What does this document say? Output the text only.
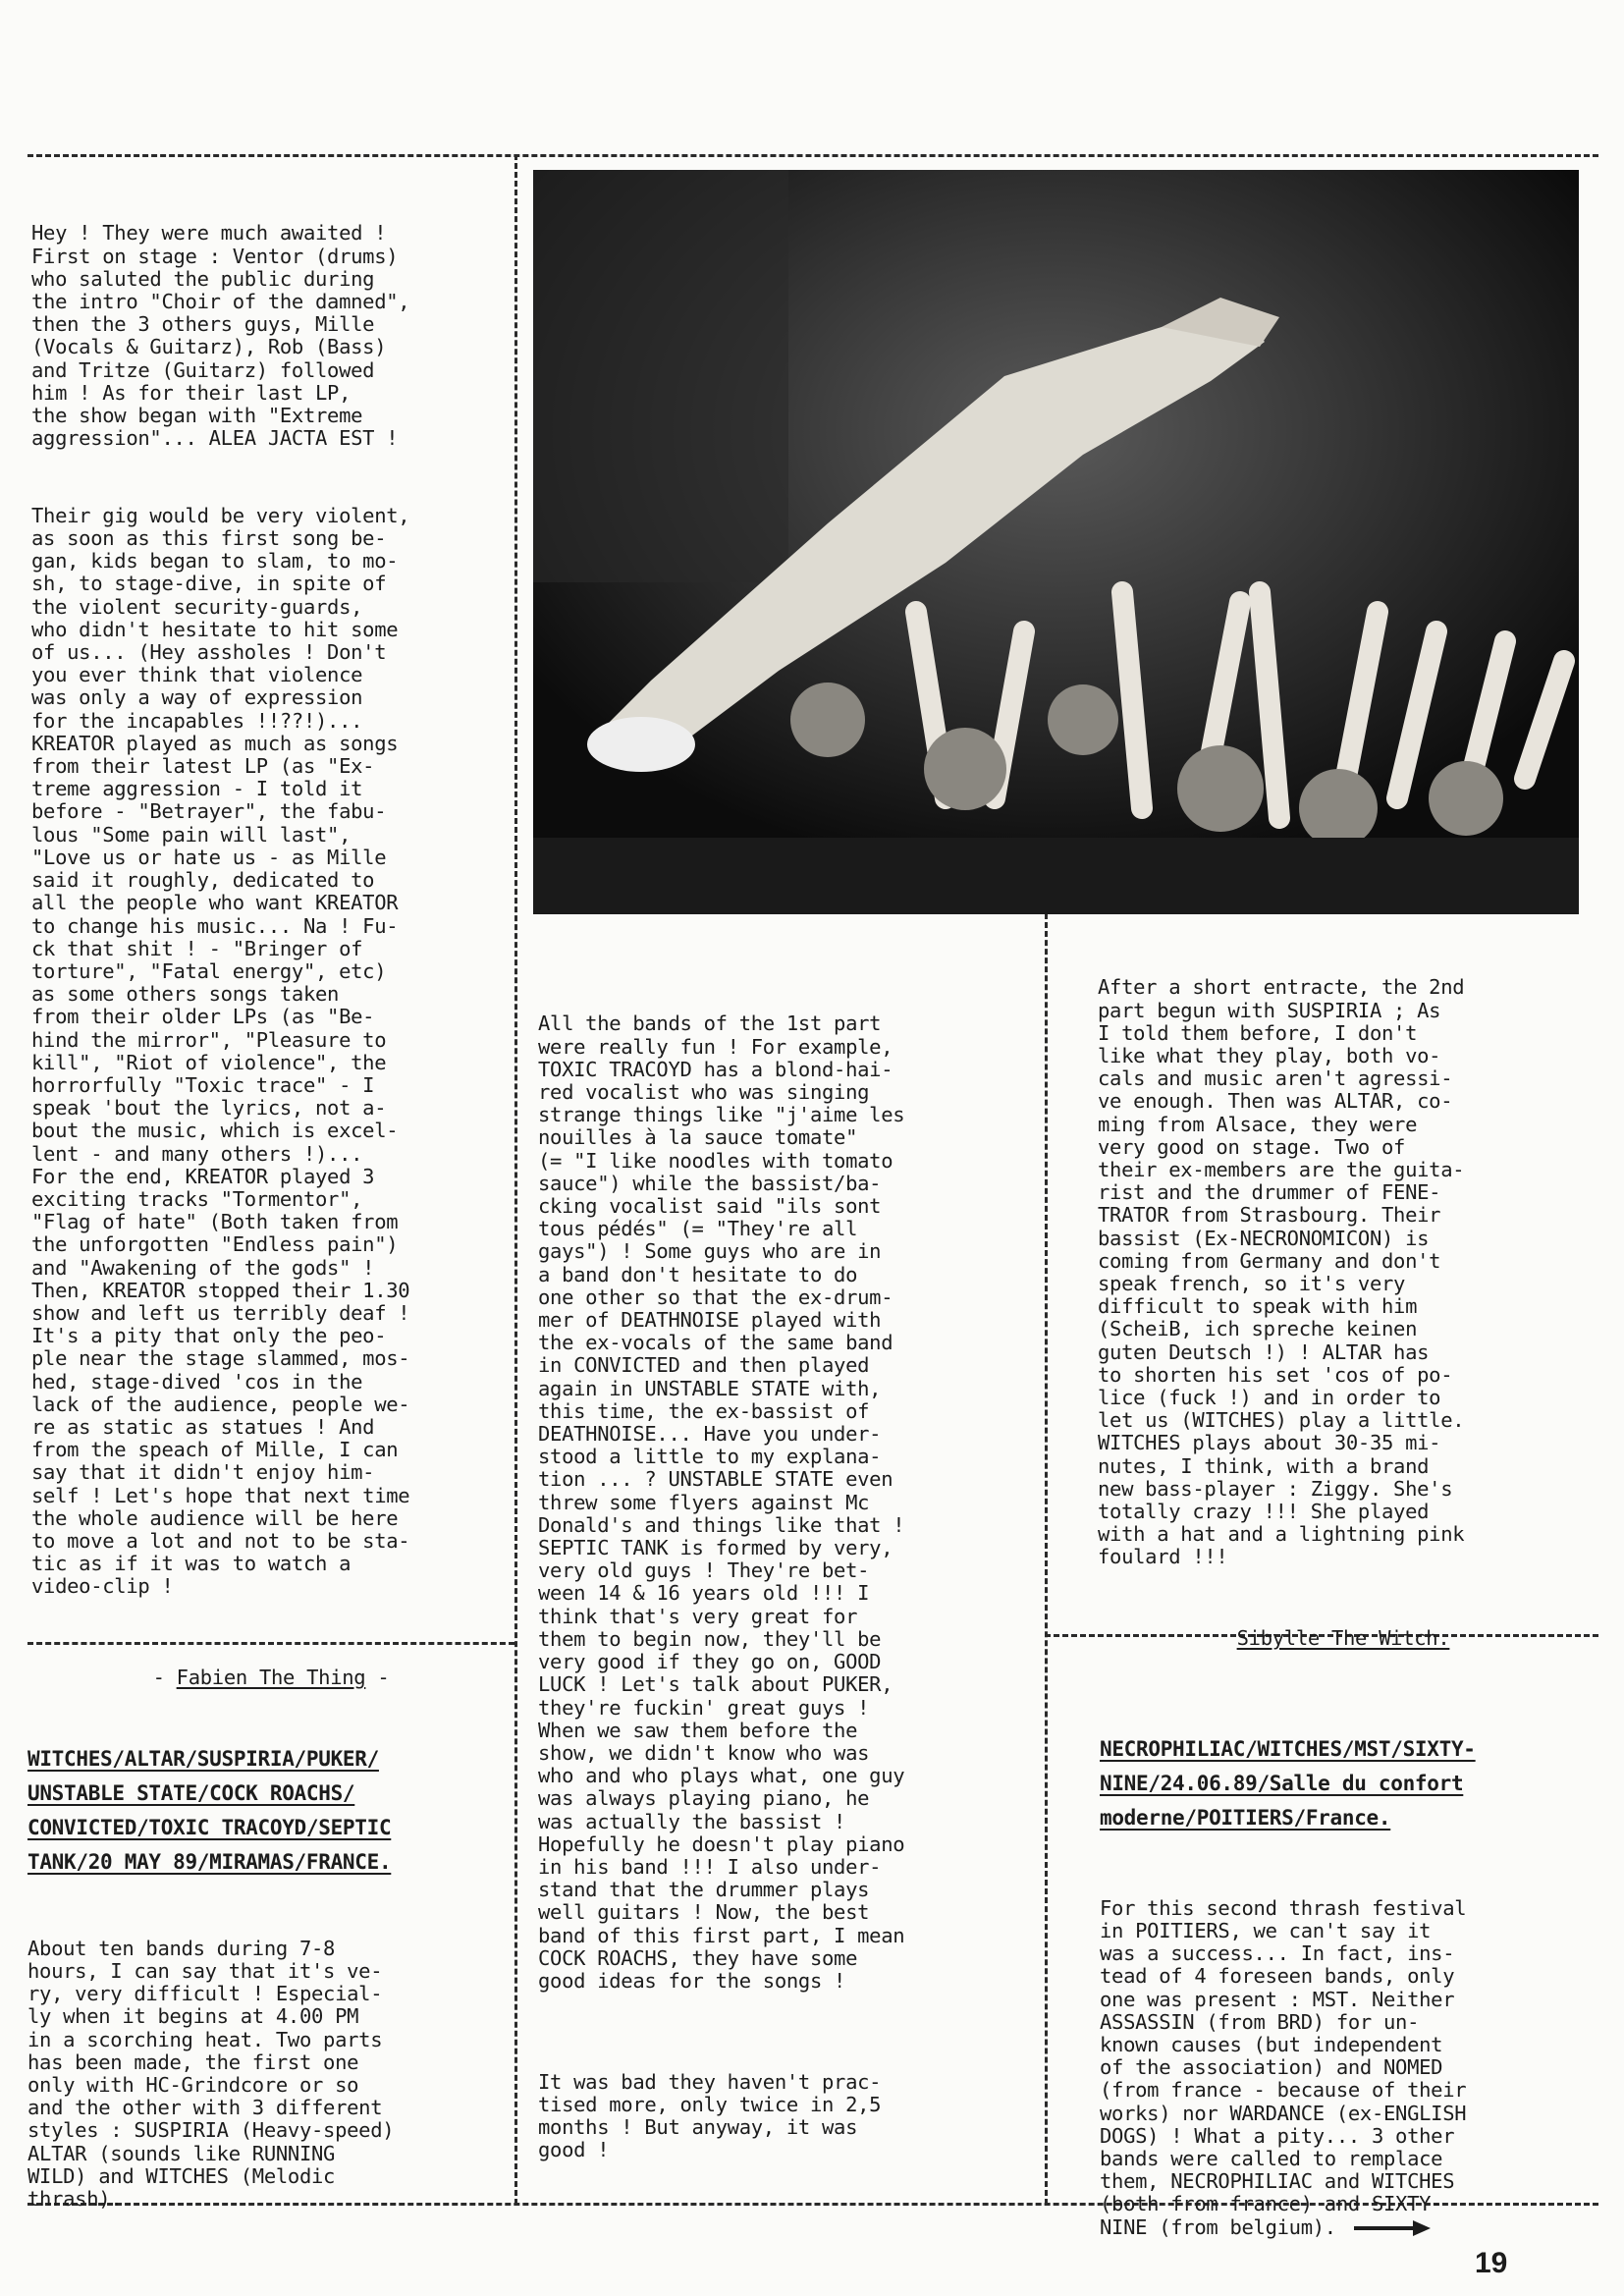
Hey ! They were much awaited !
First on stage : Ventor (drums)
who saluted the public during
the intro "Choir of the damned",
then the 3 others guys, Mille
(Vocals & Guitarz), Rob (Bass)
and Tritze (Guitarz) followed
him ! As for their last LP,
the show began with "Extreme
aggression"... ALEA JACTA EST !

Their gig would be very violent,
as soon as this first song be-
gan, kids began to slam, to mo-
sh, to stage-dive, in spite of
the violent security-guards,
who didn't hesitate to hit some
of us... (Hey assholes ! Don't
you ever think that violence
was only a way of expression
for the incapables !!??!)...
KREATOR played as much as songs
from their latest LP (as "Ex-
treme aggression - I told it
before - "Betrayer", the fabu-
lous "Some pain will last",
"Love us or hate us - as Mille
said it roughly, dedicated to
all the people who want KREATOR
to change his music... Na ! Fu-
ck that shit ! - "Bringer of
torture", "Fatal energy", etc)
as some others songs taken
from their older LPs (as "Be-
hind the mirror", "Pleasure to
kill", "Riot of violence", the
horrorfully "Toxic trace" - I
speak 'bout the lyrics, not a-
bout the music, which is excel-
lent - and many others !)...
For the end, KREATOR played 3
exciting tracks "Tormentor",
"Flag of hate" (Both taken from
the unforgotten "Endless pain")
and "Awakening of the gods" !
Then, KREATOR stopped their 1.30
show and left us terribly deaf !
It's a pity that only the peo-
ple near the stage slammed, mos-
hed, stage-dived 'cos in the
lack of the audience, people we-
re as static as statues ! And
from the speach of Mille, I can
say that it didn't enjoy him-
self ! Let's hope that next time
the whole audience will be here
to move a lot and not to be sta-
tic as if it was to watch a
video-clip !

- Fabien The Thing -

WITCHES/ALTAR/SUSPIRIA/PUKER/
UNSTABLE STATE/COCK ROACHS/
CONVICTED/TOXIC TRACOYD/SEPTIC
TANK/20 MAY 89/MIRAMAS/FRANCE.

About ten bands during 7-8
hours, I can say that it's ve-
ry, very difficult ! Especial-
ly when it begins at 4.00 PM
in a scorching heat. Two parts
has been made, the first one
only with HC-Grindcore or so
and the other with 3 different
styles : SUSPIRIA (Heavy-speed)
ALTAR (sounds like RUNNING
WILD) and WITCHES (Melodic
thrash).

All the bands of the 1st part
were really fun ! For example,
TOXIC TRACOYD has a blond-hai-
red vocalist who was singing
strange things like "j'aime les
nouilles à la sauce tomate"
(= "I like noodles with tomato
sauce") while the bassist/ba-
cking vocalist said "ils sont
tous pédés" (= "They're all
gays") ! Some guys who are in
a band don't hesitate to do
one other so that the ex-drum-
mer of DEATHNOISE played with
the ex-vocals of the same band
in CONVICTED and then played
again in UNSTABLE STATE with,
this time, the ex-bassist of
DEATHNOISE... Have you under-
stood a little to my explana-
tion ... ? UNSTABLE STATE even
threw some flyers against Mc
Donald's and things like that !
SEPTIC TANK is formed by very,
very old guys ! They're bet-
ween 14 & 16 years old !!! I
think that's very great for
them to begin now, they'll be
very good if they go on, GOOD
LUCK ! Let's talk about PUKER,
they're fuckin' great guys !
When we saw them before the
show, we didn't know who was
who and who plays what, one guy
was always playing piano, he
was actually the bassist !
Hopefully he doesn't play piano
in his band !!! I also under-
stand that the drummer plays
well guitars ! Now, the best
band of this first part, I mean
COCK ROACHS, they have some
good ideas for the songs !

It was bad they haven't prac-
tised more, only twice in 2,5
months ! But anyway, it was
good !

After a short entracte, the 2nd
part begun with SUSPIRIA ; As
I told them before, I don't
like what they play, both vo-
cals and music aren't agressi-
ve enough. Then was ALTAR, co-
ming from Alsace, they were
very good on stage. Two of
their ex-members are the guita-
rist and the drummer of FENE-
TRATOR from Strasbourg. Their
bassist (Ex-NECRONOMICON) is
coming from Germany and don't
speak french, so it's very
difficult to speak with him
(ScheiB, ich spreche keinen
guten Deutsch !) ! ALTAR has
to shorten his set 'cos of po-
lice (fuck !) and in order to
let us (WITCHES) play a little.
WITCHES plays about 30-35 mi-
nutes, I think, with a brand
new bass-player : Ziggy. She's
totally crazy !!! She played
with a hat and a lightning pink
foulard !!!

Sibylle The Witch.

NECROPHILIAC/WITCHES/MST/SIXTY-
NINE/24.06.89/Salle du confort
moderne/POITIERS/France.

For this second thrash festival
in POITIERS, we can't say it
was a success... In fact, ins-
tead of 4 foreseen bands, only
one was present : MST. Neither
ASSASSIN (from BRD) for un-
known causes (but independent
of the association) and NOMED
(from france - because of their
works) nor WARDANCE (ex-ENGLISH
DOGS) ! What a pity... 3 other
bands were called to remplace
them, NECROPHILIAC and WITCHES
(both from france) and SIXTY-
NINE (from belgium).

19
